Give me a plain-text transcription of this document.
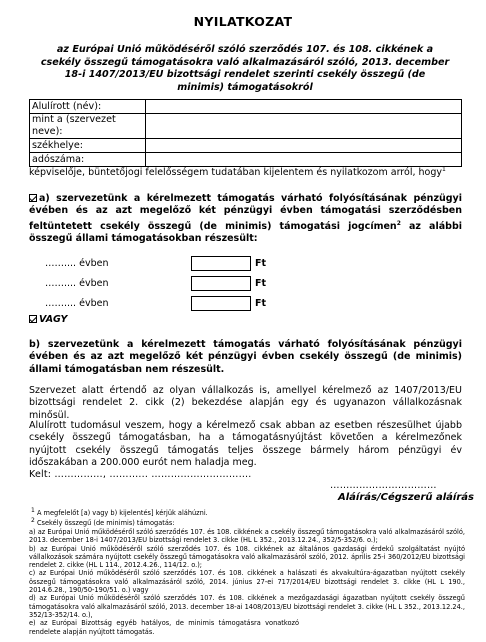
NYILATKOZAT
az Európai Unió működéséről szóló szerződés 107. és 108. cikkének a csekély összegű támogatásokra való alkalmazásáról szóló, 2013. december 18-i 1407/2013/EU bizottsági rendelet szerinti csekély összegű (de minimis) támogatásokról
Alulírott (név):	
mint a (szervezet neve):	
székhelye:	
adószáma:	
képviselője, büntetőjogi felelősségem tudatában kijelentem és nyilatkozom arról, hogy$^1$
a) szervezetünk a kérelmezett támogatás várható folyósításának pénzügyi évében és az azt megelőző két pénzügyi évben támogatási szerződésben feltüntetett csekély összegű (de minimis) támogatási jogcímen$^2$ az alábbi összegű állami támogatásokban részesült:
…….... évben	Ft
…….... évben	Ft
…….... évben	Ft
VAGY
b) szervezetünk a kérelmezett támogatás várható folyósításának pénzügyi évében és az azt megelőző két pénzügyi évben csekély összegű (de minimis) állami támogatásban nem részesült.
Szervezet alatt értendő az olyan vállalkozás is, amellyel kérelmező az 1407/2013/EU bizottsági rendelet 2. cikk (2) bekezdése alapján egy és ugyanazon vállalkozásnak minősül.
Alulírott tudomásul veszem, hogy a kérelmező csak abban az esetben részesülhet újabb csekély összegű támogatásban, ha a támogatásnyújtást követően a kérelmezőnek nyújtott csekély összegű támogatás teljes összege bármely három pénzügyi év időszakában a 200.000 eurót nem haladja meg.
Kelt: ……………, ………... ………………………….
……………………………
Aláírás/Cégszerű aláírás
1 A megfelelőt [a) vagy b) kijelentés] kérjük aláhúzni.
2 Csekély összegű (de minimis) támogatás:
a) az Európai Unió működéséről szóló szerződés 107. és 108. cikkének a csekély összegű támogatásokra való alkalmazásáról szóló, 2013. december 18-i 1407/2013/EU bizottsági rendelet 3. cikke (HL L 352., 2013.12.24., 352/5-352/6. o.);
b) az Európai Unió működéséről szóló szerződés 107. és 108. cikkének az általános gazdasági érdekű szolgáltatást nyújtó vállalkozások számára nyújtott csekély összegű támogatásokra való alkalmazásáról szóló, 2012. április 25-i 360/2012/EU bizottsági rendelet 2. cikke (HL L 114., 2012.4.26., 114/12. o.);
c) az Európai Unió működéséről szóló szerződés 107. és 108. cikkének a halászati és akvakultúra-ágazatban nyújtott csekély összegű támogatásokra való alkalmazásáról szóló, 2014. június 27-ei 717/2014/EU bizottsági rendelet 3. cikke (HL L 190., 2014.6.28., 190/50-190/51. o.) vagy
d) az Európai Unió működéséről szóló szerződés 107. és 108. cikkének a mezőgazdasági ágazatban nyújtott csekély összegű támogatásokra való alkalmazásáról szóló, 2013. december 18-ai 1408/2013/EU bizottsági rendelet 3. cikke (HL L 352., 2013.12.24., 352/13-352/14. o.),
e) az Európai Bizottság egyéb hatályos, de minimis támogatásra vonatkozó rendelete alapján nyújtott támogatás.
